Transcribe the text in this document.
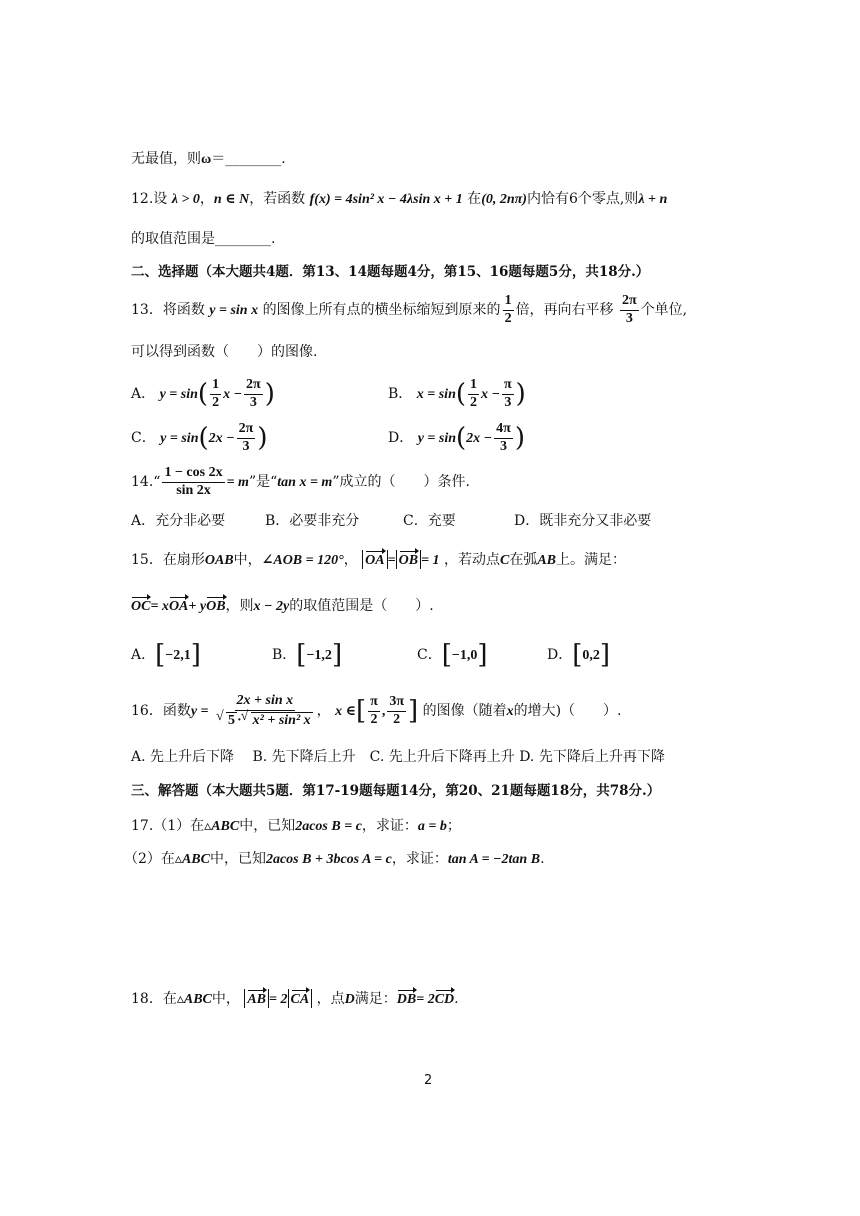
无最值，则ω＝________.
12.设 λ > 0，n ∈ N，若函数 f(x) = 4sin² x − 4λsin x + 1 在(0, 2nπ)内恰有6个零点,则λ + n
的取值范围是________.
二、选择题（本大题共4题．第13、14题每题4分，第15、16题每题5分，共18分.）
13．将函数 y = sin x 的图像上所有点的横坐标缩短到原来的 $\frac{1}{2}$ 倍，再向右平移 $\frac{2\pi}{3}$ 个单位,
可以得到函数（　　）的图像.
A． $y = \sin( \frac{1}{2}$ $x - \frac{2\pi}{3}$ )	B． $x = \sin( \frac{1}{2}$ $x - \frac{\pi}{3}$ )
C． $y = \sin(2x - \frac{2\pi}{3}$ )	D． $y = \sin(2x - \frac{4\pi}{3}$ )
14.“ $\frac{1 - \cos 2x}{\sin 2x} = m$”是“tan x = m”成立的（　　）条件.
A．充分非必要	B．必要非充分	C．充要	D．既非充分又非必要
15．在扇形OAB中，∠AOB = 120°， OA = OB = 1 ，若动点C在弧AB上。满足：
OC= xOA+ yOB，则x − 2y的取值范围是（　　）.
A．[−2,1]	B．[−1,2]	C．[−1,0]	D．[0,2]
16．函数y = 2x + sin x
√ 5 ·√ x² + sin² x ， x ∈[ $\frac{\pi}{2}$ , $\frac{3\pi}{2}$ ] 的图像（随着x的增大)（　　）.
A. 先上升后下降　 B. 先下降后上升　C. 先上升后下降再上升 D. 先下降后上升再下降
三、解答题（本大题共5题．第17-19题每题14分，第20、21题每题18分，共78分.）
17.（1）在▵ABC中，已知2acos B = c，求证：a = b；
（2）在▵ABC中，已知2acos B + 3bcos A = c，求证：tan A = −2tan B.
18．在▵ABC中， AB = 2 CA ，点D满足：DB= 2CD.
2
